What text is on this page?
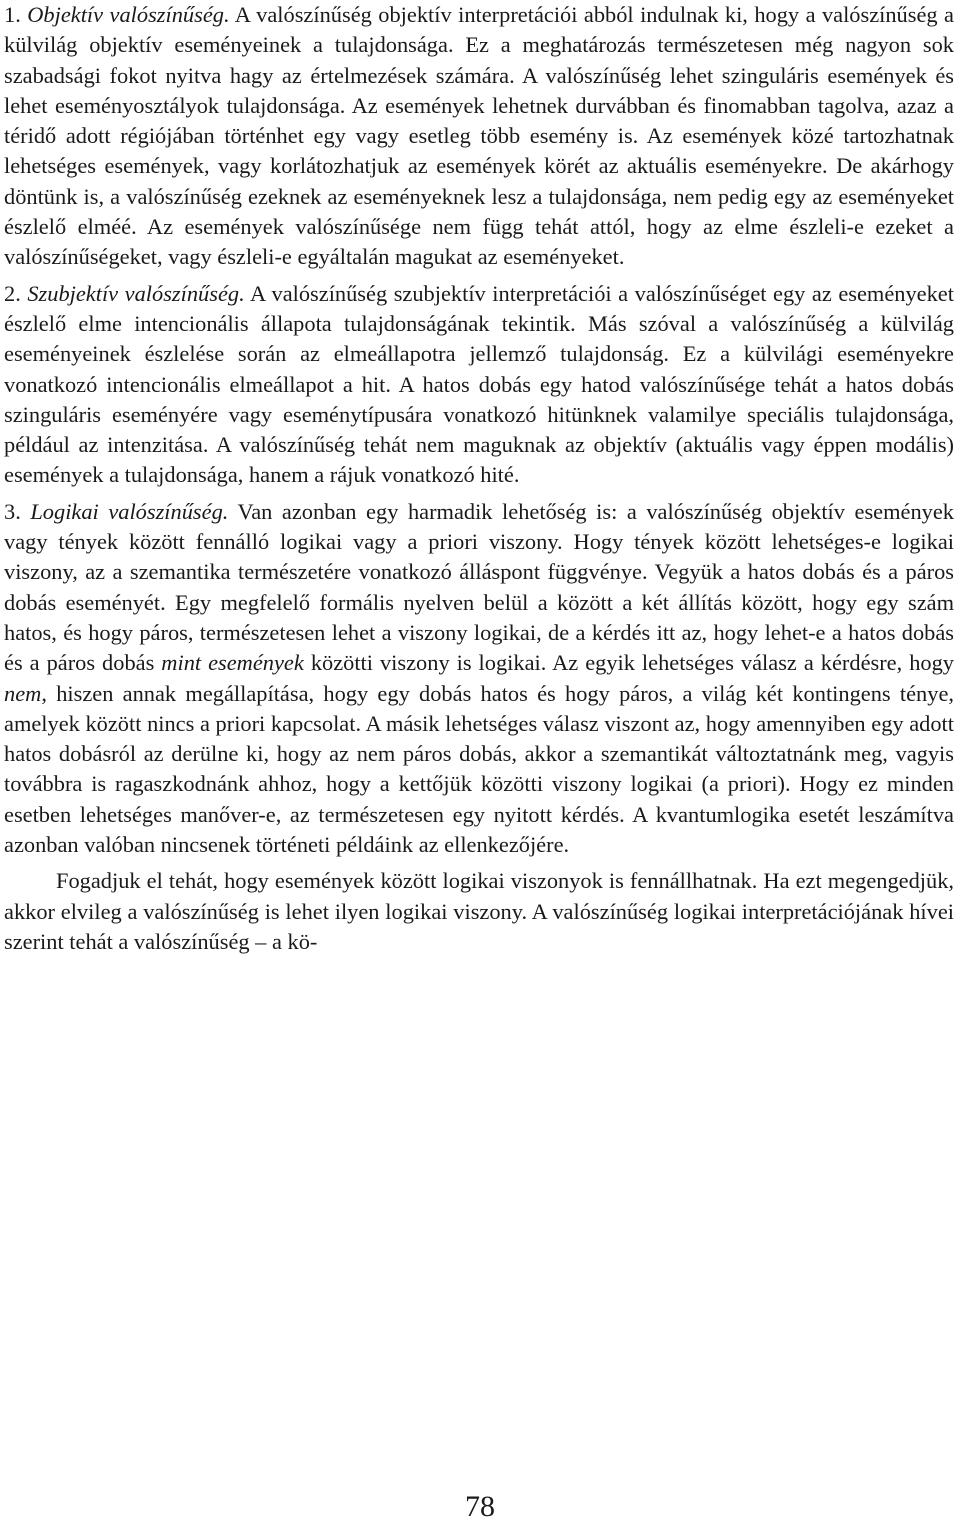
1. Objektív valószínűség. A valószínűség objektív interpretációi abból indulnak ki, hogy a valószínűség a külvilág objektív eseményeinek a tulajdonsága. Ez a meghatározás természetesen még nagyon sok szabadsági fokot nyitva hagy az értelmezések számára. A valószínűség lehet szinguláris események és lehet eseményosztályok tulajdonsága. Az események lehetnek durvábban és finomabban tagolva, azaz a téridő adott régiójában történhet egy vagy esetleg több esemény is. Az események közé tartozhatnak lehetséges események, vagy korlátozhatjuk az események körét az aktuális eseményekre. De akárhogy döntünk is, a valószínűség ezeknek az eseményeknek lesz a tulajdonsága, nem pedig egy az eseményeket észlelő elméé. Az események valószínűsége nem függ tehát attól, hogy az elme észleli-e ezeket a valószínűségeket, vagy észleli-e egyáltalán magukat az eseményeket.

2. Szubjektív valószínűség. A valószínűség szubjektív interpretációi a valószínűséget egy az eseményeket észlelő elme intencionális állapota tulajdonságának tekintik. Más szóval a valószínűség a külvilág eseményeinek észlelése során az elmeállapotra jellemző tulajdonság. Ez a külvilági eseményekre vonatkozó intencionális elmeállapot a hit. A hatos dobás egy hatod valószínűsége tehát a hatos dobás szinguláris eseményére vagy eseménytípusára vonatkozó hitünknek valamilye speciális tulajdonsága, például az intenzitása. A valószínűség tehát nem maguknak az objektív (aktuális vagy éppen modális) események a tulajdonsága, hanem a rájuk vonatkozó hité.

3. Logikai valószínűség. Van azonban egy harmadik lehetőség is: a valószínűség objektív események vagy tények között fennálló logikai vagy a priori viszony. Hogy tények között lehetséges-e logikai viszony, az a szemantika természetére vonatkozó álláspont függvénye. Vegyük a hatos dobás és a páros dobás eseményét. Egy megfelelő formális nyelven belül a között a két állítás között, hogy egy szám hatos, és hogy páros, természetesen lehet a viszony logikai, de a kérdés itt az, hogy lehet-e a hatos dobás és a páros dobás mint események közötti viszony is logikai. Az egyik lehetséges válasz a kérdésre, hogy nem, hiszen annak megállapítása, hogy egy dobás hatos és hogy páros, a világ két kontingens ténye, amelyek között nincs a priori kapcsolat. A másik lehetséges válasz viszont az, hogy amennyiben egy adott hatos dobásról az derülne ki, hogy az nem páros dobás, akkor a szemantikát változtatnánk meg, vagyis továbbra is ragaszkodnánk ahhoz, hogy a kettőjük közötti viszony logikai (a priori). Hogy ez minden esetben lehetséges manőver-e, az természetesen egy nyitott kérdés. A kvantumlogika esetét leszámítva azonban valóban nincsenek történeti példáink az ellenkezőjére.

Fogadjuk el tehát, hogy események között logikai viszonyok is fennállhatnak. Ha ezt megengedjük, akkor elvileg a valószínűség is lehet ilyen logikai viszony. A valószínűség logikai interpretációjának hívei szerint tehát a valószínűség – a kö-

78
